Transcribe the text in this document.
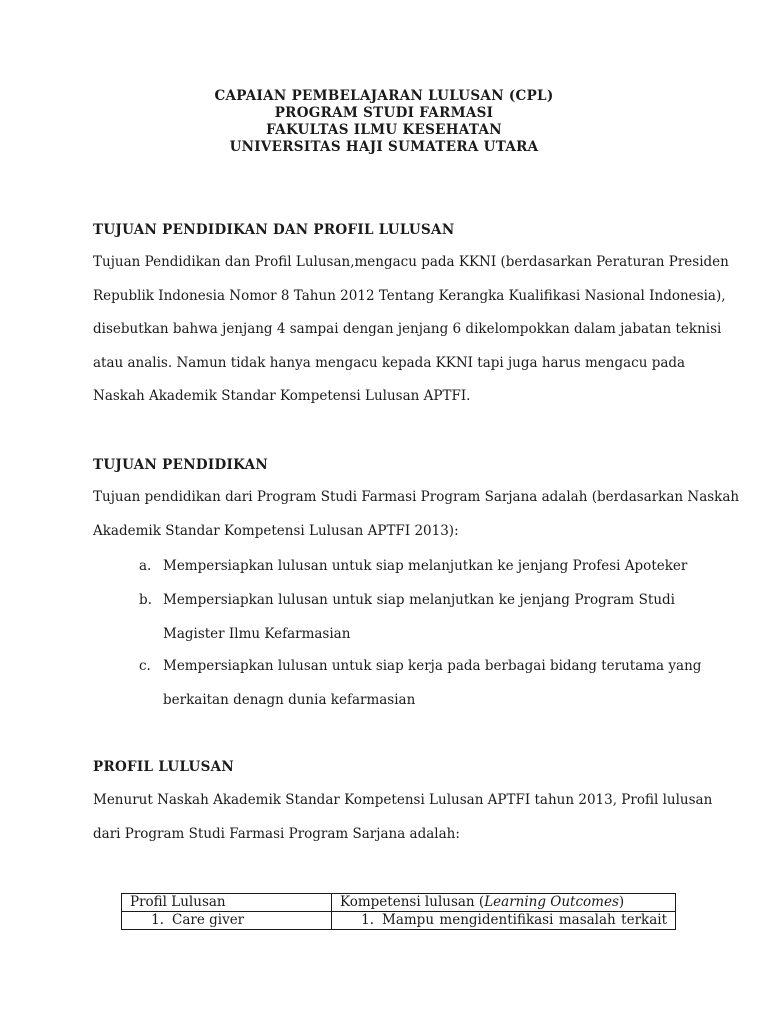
CAPAIAN PEMBELAJARAN LULUSAN (CPL)
PROGRAM STUDI FARMASI
FAKULTAS ILMU KESEHATAN
UNIVERSITAS HAJI SUMATERA UTARA
TUJUAN PENDIDIKAN DAN PROFIL LULUSAN
Tujuan Pendidikan dan Profil Lulusan,mengacu pada KKNI (berdasarkan Peraturan Presiden
Republik Indonesia Nomor 8 Tahun 2012 Tentang Kerangka Kualifikasi Nasional Indonesia),
disebutkan bahwa jenjang 4 sampai dengan jenjang 6 dikelompokkan dalam jabatan teknisi
atau analis. Namun tidak hanya mengacu kepada KKNI tapi juga harus mengacu pada
Naskah Akademik Standar Kompetensi Lulusan APTFI.
TUJUAN PENDIDIKAN
Tujuan pendidikan dari Program Studi Farmasi Program Sarjana adalah (berdasarkan Naskah
Akademik Standar Kompetensi Lulusan APTFI 2013):
a. Mempersiapkan lulusan untuk siap melanjutkan ke jenjang Profesi Apoteker
b. Mempersiapkan lulusan untuk siap melanjutkan ke jenjang Program Studi
Magister Ilmu Kefarmasian
c. Mempersiapkan lulusan untuk siap kerja pada berbagai bidang terutama yang
berkaitan denagn dunia kefarmasian
PROFIL LULUSAN
Menurut Naskah Akademik Standar Kompetensi Lulusan APTFI tahun 2013, Profil lulusan
dari Program Studi Farmasi Program Sarjana adalah:
Profil Lulusan	Kompetensi lulusan (Learning Outcomes)

1. Care giver	1. Mampu mengidentifikasi masalah terkait
